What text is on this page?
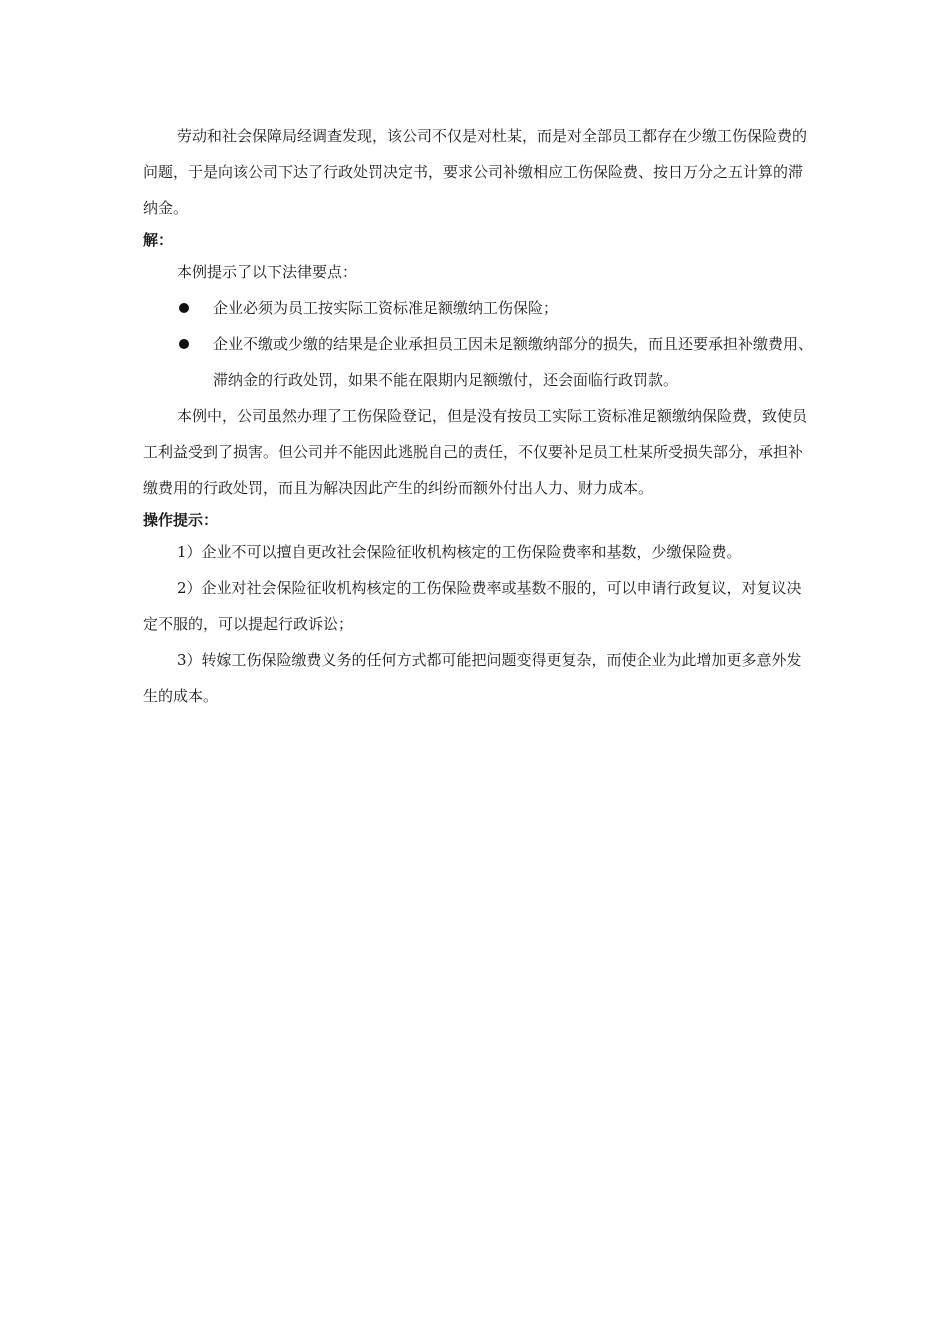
劳动和社会保障局经调查发现，该公司不仅是对杜某，而是对全部员工都存在少缴工伤保险费的问题，于是向该公司下达了行政处罚决定书，要求公司补缴相应工伤保险费、按日万分之五计算的滞纳金。

解：

本例提示了以下法律要点：

企业必须为员工按实际工资标准足额缴纳工伤保险；
企业不缴或少缴的结果是企业承担员工因未足额缴纳部分的损失，而且还要承担补缴费用、滞纳金的行政处罚，如果不能在限期内足额缴付，还会面临行政罚款。

本例中，公司虽然办理了工伤保险登记，但是没有按员工实际工资标准足额缴纳保险费，致使员工利益受到了损害。但公司并不能因此逃脱自己的责任，不仅要补足员工杜某所受损失部分，承担补缴费用的行政处罚，而且为解决因此产生的纠纷而额外付出人力、财力成本。

操作提示：

1）企业不可以擅自更改社会保险征收机构核定的工伤保险费率和基数，少缴保险费。

2）企业对社会保险征收机构核定的工伤保险费率或基数不服的，可以申请行政复议，对复议决定不服的，可以提起行政诉讼；

3）转嫁工伤保险缴费义务的任何方式都可能把问题变得更复杂，而使企业为此增加更多意外发生的成本。
